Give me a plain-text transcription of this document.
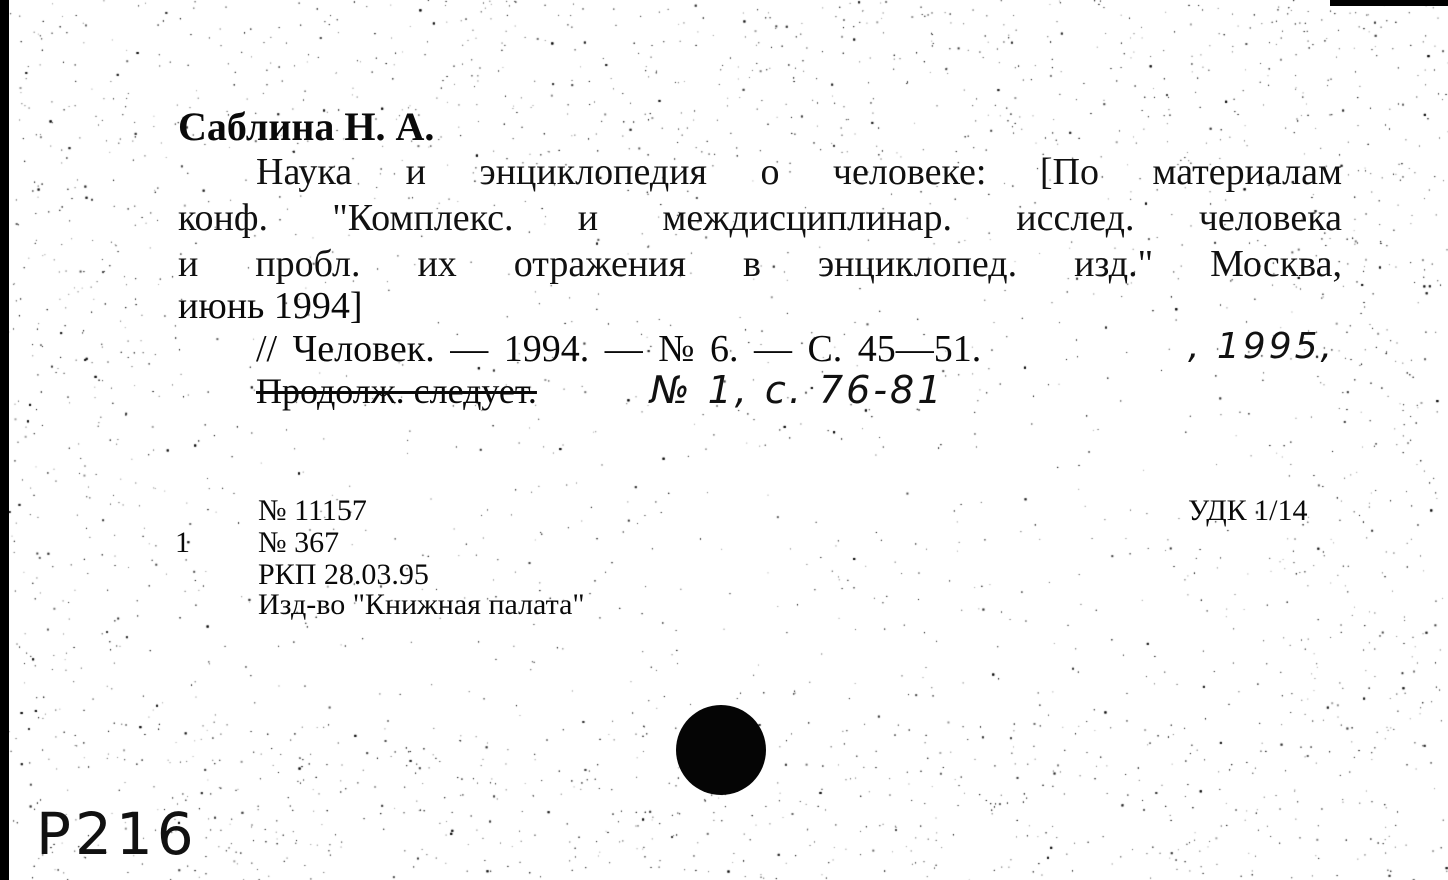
Саблина Н. А.
Наука и энциклопедия о человеке: [По материалам
конф. "Комплекс. и междисциплинар. исслед. человека
и пробл. их отражения в энциклопед. изд." Москва,
июнь 1994]
// Человек. — 1994. — № 6. — С. 45—51.	, 1995,
Продолж. следует.	№ 1, с. 76-81
№ 11157
1 № 367
РКП 28.03.95
Изд-во "Книжная палата"
УДК 1/14
P216
